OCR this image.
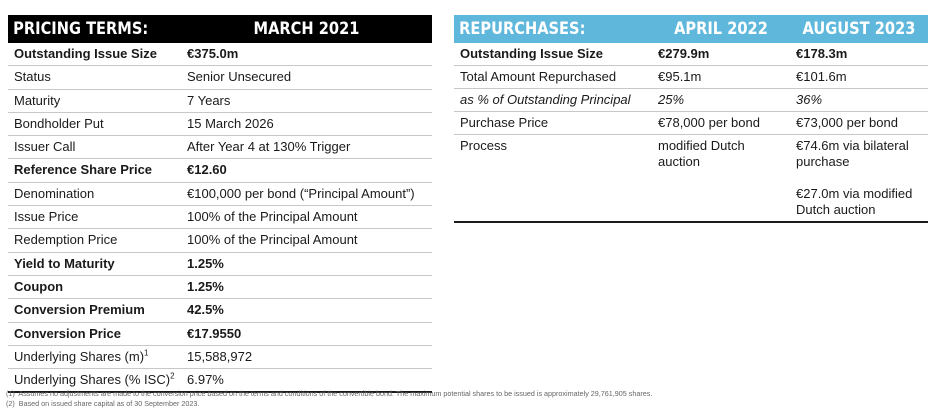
PRICING TERMS:	MARCH 2021
Outstanding Issue Size	€375.0m
Status	Senior Unsecured
Maturity	7 Years
Bondholder Put	15 March 2026
Issuer Call	After Year 4 at 130% Trigger
Reference Share Price	€12.60
Denomination	€100,000 per bond (“Principal Amount”)
Issue Price	100% of the Principal Amount
Redemption Price	100% of the Principal Amount
Yield to Maturity	1.25%
Coupon	1.25%
Conversion Premium	42.5%
Conversion Price	€17.9550
Underlying Shares $(m)^1$	15,588,972
Underlying Shares (% ISC)$^2$	6.97%
REPURCHASES:	APRIL 2022	AUGUST 2023
Outstanding Issue Size	€279.9m	€178.3m
Total Amount Repurchased	€95.1m	€101.6m
as % of Outstanding Principal	25%	36%
Purchase Price	€78,000 per bond	€73,000 per bond
Process	modified Dutch auction	€74.6m via bilateral purchase
€27.0m via modified Dutch auction
(1) Assumes no adjustments are made to the conversion price based on the terms and conditions of the convertible bond. The maximum potential shares to be issued is approximately 29,761,905 shares.
(2) Based on issued share capital as of 30 September 2023.
